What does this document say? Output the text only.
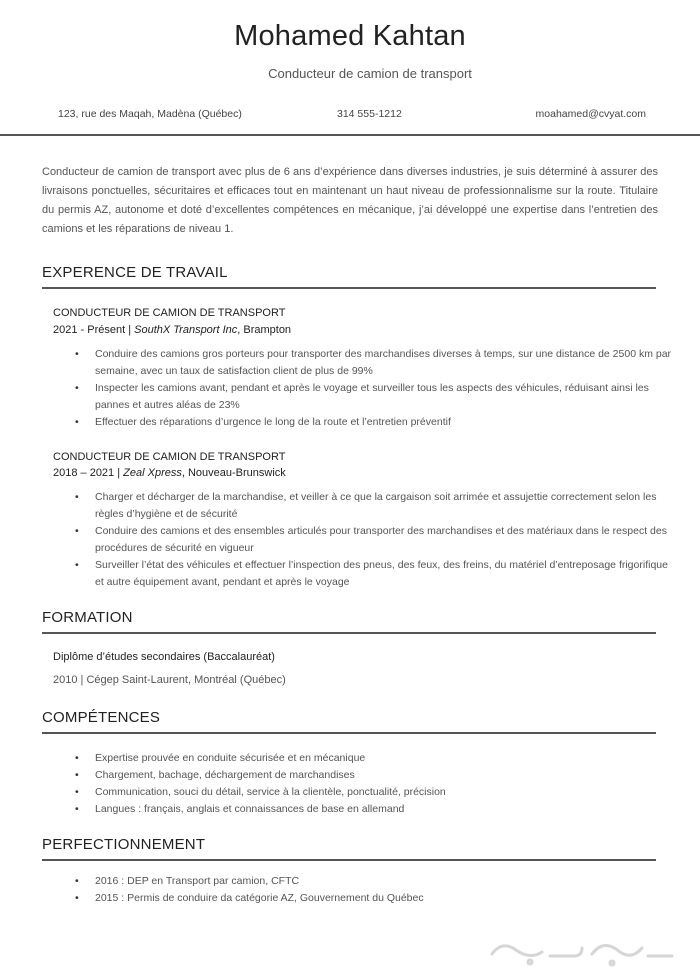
Mohamed Kahtan
Conducteur de camion de transport
123, rue des Maqah, Madèna (Québec)	314 555-1212	moahamed@cvyat.com
Conducteur de camion de transport avec plus de 6 ans d’expérience dans diverses industries, je suis déterminé à assurer des livraisons ponctuelles, sécuritaires et efficaces tout en maintenant un haut niveau de professionnalisme sur la route. Titulaire du permis AZ, autonome et doté d’excellentes compétences en mécanique, j’ai développé une expertise dans l’entretien des camions et les réparations de niveau 1.
EXPERENCE DE TRAVAIL
CONDUCTEUR DE CAMION DE TRANSPORT
2021 - Présent | SouthX Transport Inc, Brampton
• Conduire des camions gros porteurs pour transporter des marchandises diverses à temps, sur une distance de 2500 km par semaine, avec un taux de satisfaction client de plus de 99%
• Inspecter les camions avant, pendant et après le voyage et surveiller tous les aspects des véhicules, réduisant ainsi les pannes et autres aléas de 23%
• Effectuer des réparations d’urgence le long de la route et l’entretien préventif
CONDUCTEUR DE CAMION DE TRANSPORT
2018 – 2021 | Zeal Xpress, Nouveau-Brunswick
• Charger et décharger de la marchandise, et veiller à ce que la cargaison soit arrimée et assujettie correctement selon les règles d’hygiène et de sécurité
• Conduire des camions et des ensembles articulés pour transporter des marchandises et des matériaux dans le respect des procédures de sécurité en vigueur
• Surveiller l’état des véhicules et effectuer l’inspection des pneus, des feux, des freins, du matériel d’entreposage frigorifique et autre équipement avant, pendant et après le voyage
FORMATION
Diplôme d’études secondaires (Baccalauréat)
2010 | Cégep Saint-Laurent, Montréal (Québec)
COMPÉTENCES
• Expertise prouvée en conduite sécurisée et en mécanique
• Chargement, bachage, déchargement de marchandises
• Communication, souci du détail, service à la clientèle, ponctualité, précision
• Langues : français, anglais et connaissances de base en allemand
PERFECTIONNEMENT
• 2016 : DEP en Transport par camion, CFTC
• 2015 : Permis de conduire da catégorie AZ, Gouvernement du Québec
